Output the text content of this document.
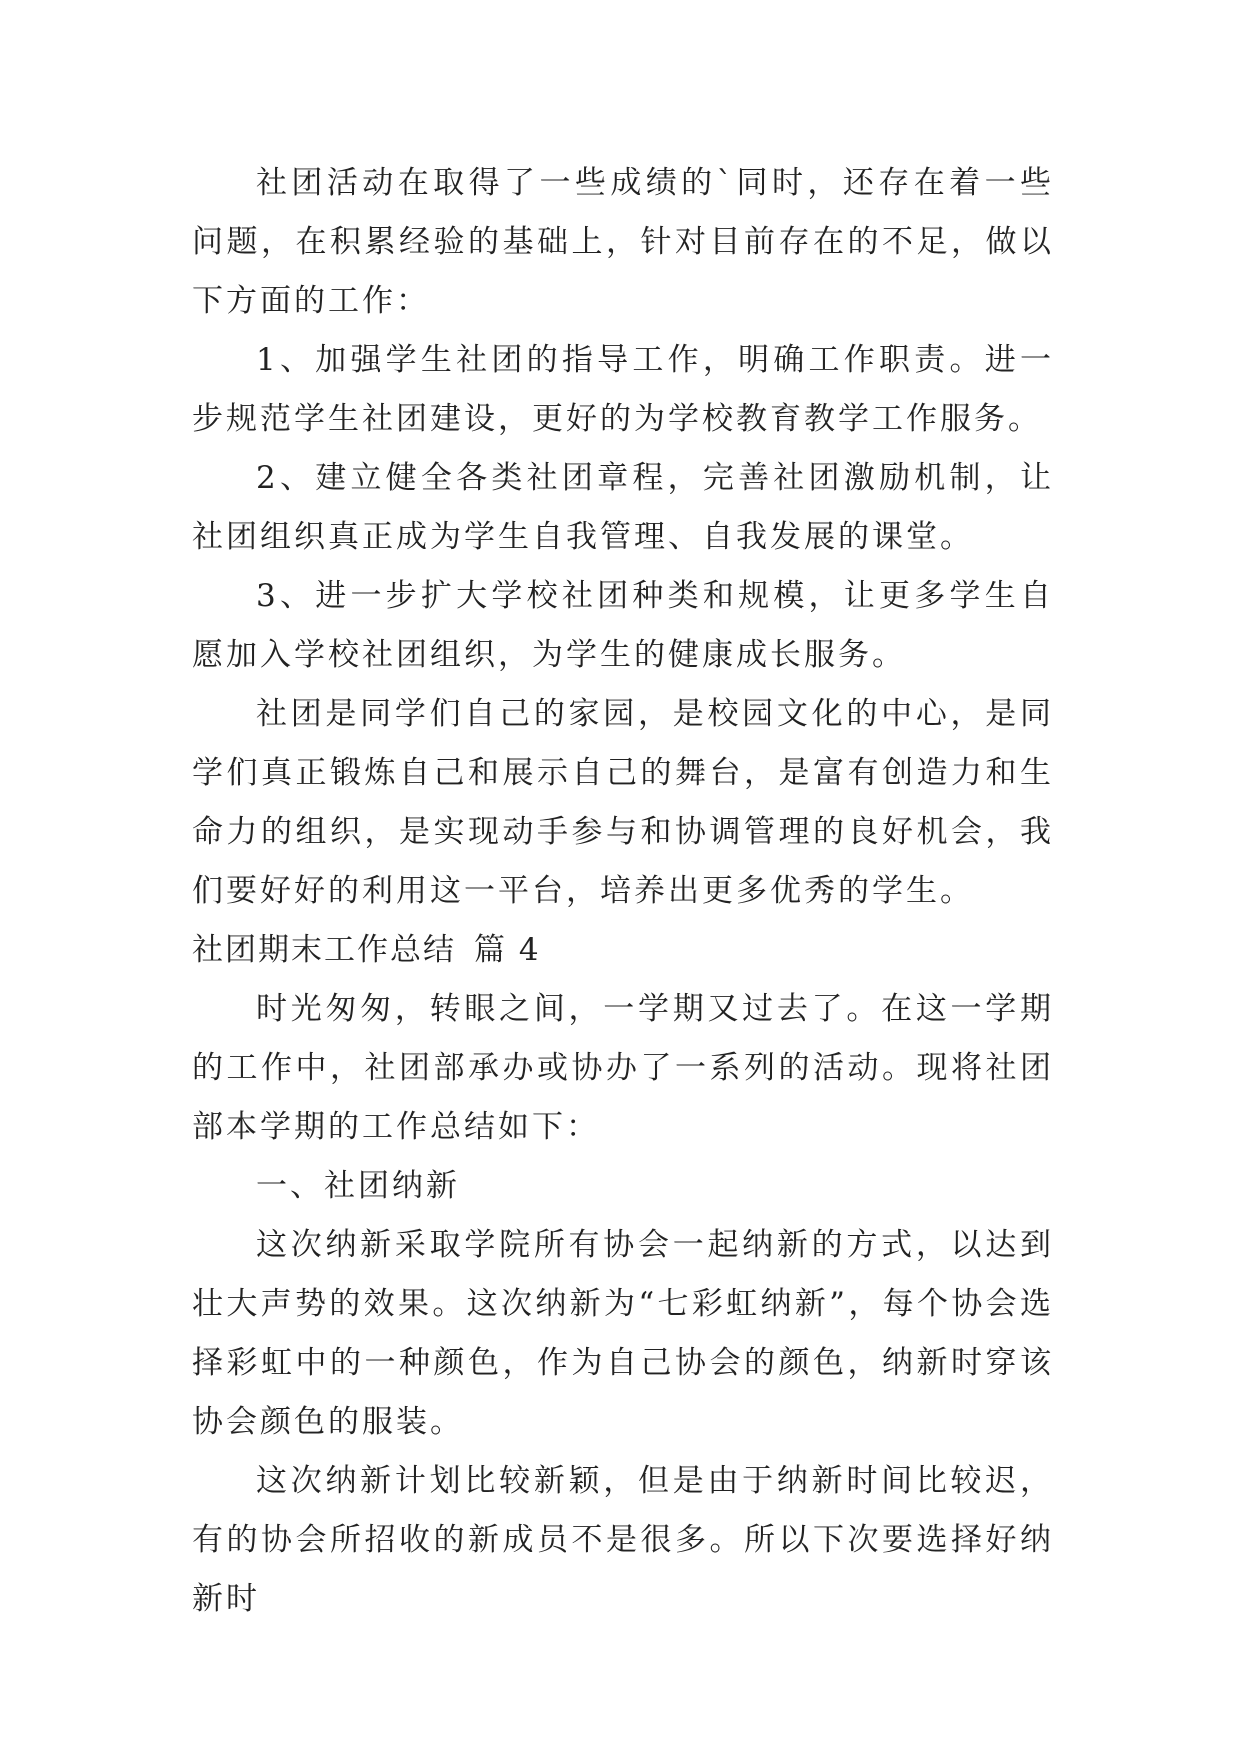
社团活动在取得了一些成绩的`同时，还存在着一些问题，在积累经验的基础上，针对目前存在的不足，做以下方面的工作：

1、加强学生社团的指导工作，明确工作职责。进一步规范学生社团建设，更好的为学校教育教学工作服务。

2、建立健全各类社团章程，完善社团激励机制，让社团组织真正成为学生自我管理、自我发展的课堂。

3、进一步扩大学校社团种类和规模，让更多学生自愿加入学校社团组织，为学生的健康成长服务。

社团是同学们自己的家园，是校园文化的中心，是同学们真正锻炼自己和展示自己的舞台，是富有创造力和生命力的组织，是实现动手参与和协调管理的良好机会，我们要好好的利用这一平台，培养出更多优秀的学生。

社团期末工作总结 篇 4

时光匆匆，转眼之间，一学期又过去了。在这一学期的工作中，社团部承办或协办了一系列的活动。现将社团部本学期的工作总结如下：

一、社团纳新

这次纳新采取学院所有协会一起纳新的方式，以达到壮大声势的效果。这次纳新为“七彩虹纳新”，每个协会选择彩虹中的一种颜色，作为自己协会的颜色，纳新时穿该协会颜色的服装。

这次纳新计划比较新颖，但是由于纳新时间比较迟，有的协会所招收的新成员不是很多。所以下次要选择好纳新时
